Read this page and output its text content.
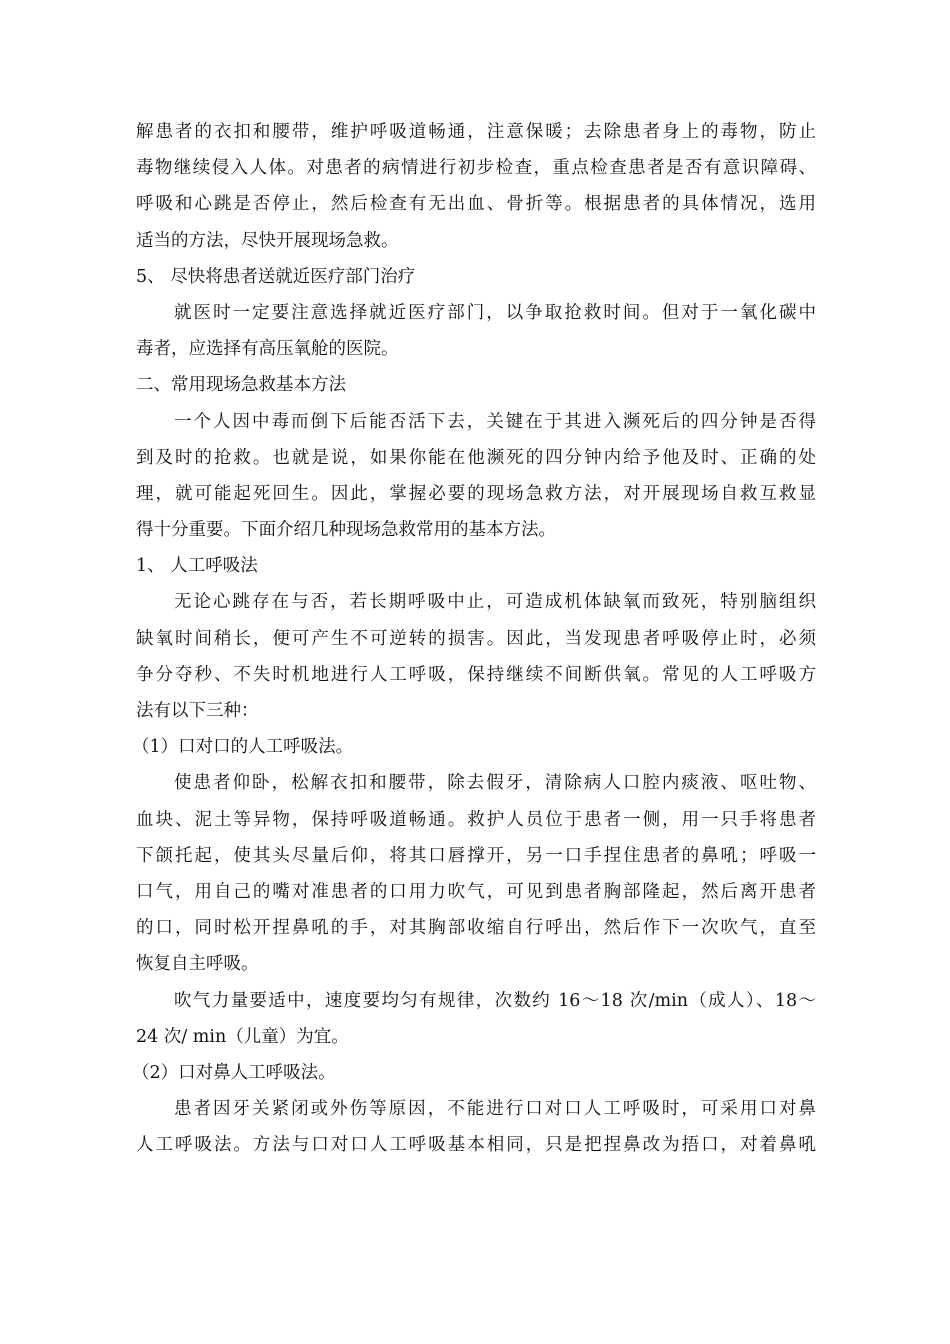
解患者的衣扣和腰带，维护呼吸道畅通，注意保暖；去除患者身上的毒物，防止
毒物继续侵入人体。对患者的病情进行初步检查，重点检查患者是否有意识障碍、
呼吸和心跳是否停止，然后检查有无出血、骨折等。根据患者的具体情况，选用
适当的方法，尽快开展现场急救。
5、 尽快将患者送就近医疗部门治疗
就医时一定要注意选择就近医疗部门，以争取抢救时间。但对于一氧化碳中
毒者，应选择有高压氧舱的医院。
二、常用现场急救基本方法
一个人因中毒而倒下后能否活下去，关键在于其进入濒死后的四分钟是否得
到及时的抢救。也就是说，如果你能在他濒死的四分钟内给予他及时、正确的处
理，就可能起死回生。因此，掌握必要的现场急救方法，对开展现场自救互救显
得十分重要。下面介绍几种现场急救常用的基本方法。
1、 人工呼吸法
无论心跳存在与否，若长期呼吸中止，可造成机体缺氧而致死，特别脑组织
缺氧时间稍长，便可产生不可逆转的损害。因此，当发现患者呼吸停止时，必须
争分夺秒、不失时机地进行人工呼吸，保持继续不间断供氧。常见的人工呼吸方
法有以下三种：
（1）口对口的人工呼吸法。
使患者仰卧，松解衣扣和腰带，除去假牙，清除病人口腔内痰液、呕吐物、
血块、泥土等异物，保持呼吸道畅通。救护人员位于患者一侧，用一只手将患者
下颌托起，使其头尽量后仰，将其口唇撑开，另一口手捏住患者的鼻吼；呼吸一
口气，用自己的嘴对准患者的口用力吹气，可见到患者胸部隆起，然后离开患者
的口，同时松开捏鼻吼的手，对其胸部收缩自行呼出，然后作下一次吹气，直至
恢复自主呼吸。
吹气力量要适中，速度要均匀有规律，次数约 16～18 次/min（成人）、18～
24 次/ min（儿童）为宜。
（2）口对鼻人工呼吸法。
患者因牙关紧闭或外伤等原因，不能进行口对口人工呼吸时，可采用口对鼻
人工呼吸法。方法与口对口人工呼吸基本相同，只是把捏鼻改为捂口，对着鼻吼
